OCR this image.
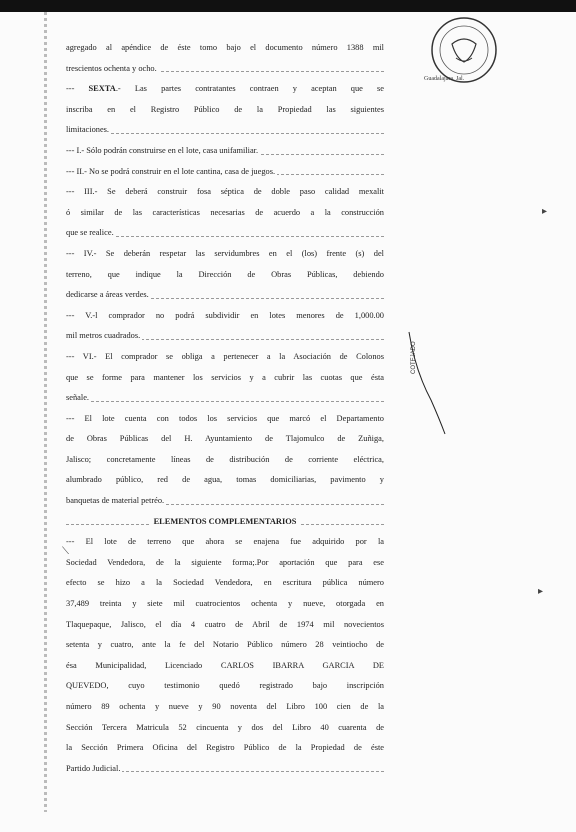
agregado al apéndice de éste tomo bajo el documento número 1388 mil
trescientos ochenta y ocho.
--- SEXTA.- Las partes contratantes contraen y aceptan que se
inscriba en el Registro Público de la Propiedad las siguientes
limitaciones.
--- I.- Sólo podrán construirse en el lote, casa unifamiliar.
--- II.- No se podrá construir en el lote cantina, casa de juegos.
--- III.- Se deberá construir fosa séptica de doble paso calidad mexalit
ó similar de las características necesarias de acuerdo a la construcción
que se realice.
--- IV.- Se deberán respetar las servidumbres en el (los) frente (s) del
terreno, que indique la Dirección de Obras Públicas, debiendo
dedicarse a áreas verdes.
--- V.-l comprador no podrá subdividir en lotes menores de 1,000.00
mil metros cuadrados.
--- VI.- El comprador se obliga a pertenecer a la Asociación de Colonos
que se forme para mantener los servicios y a cubrir las cuotas que ésta
señale.
--- El lote cuenta con todos los servicios que marcó el Departamento
de Obras Públicas del H. Ayuntamiento de Tlajomulco de Zuñiga,
Jalisco; concretamente líneas de distribución de corriente eléctrica,
alumbrado público, red de agua, tomas domiciliarias, pavimento y
banquetas de material petréo.
ELEMENTOS COMPLEMENTARIOS
--- El lote de terreno que ahora se enajena fue adquirido por la
Sociedad Vendedora, de la siguiente forma;.Por aportación que para ese
efecto se hizo a la Sociedad Vendedora, en escritura pública número
37,489 treinta y siete mil cuatrocientos ochenta y nueve, otorgada en
Tlaquepaque, Jalisco, el día 4 cuatro de Abril de 1974 mil novecientos
setenta y cuatro, ante la fe del Notario Público número 28 veintiocho de
ésa Municipalidad, Licenciado CARLOS IBARRA GARCIA DE
QUEVEDO, cuyo testimonio quedó registrado bajo inscripción
número 89 ochenta y nueve y 90 noventa del Libro 100 cien de la
Sección Tercera Matricula 52 cincuenta y dos del Libro 40 cuarenta de
la Sección Primera Oficina del Registro Público de la Propiedad de éste
Partido Judicial.
Guadalajara, Jal.
COTEJADO
▸
▸
⟍
